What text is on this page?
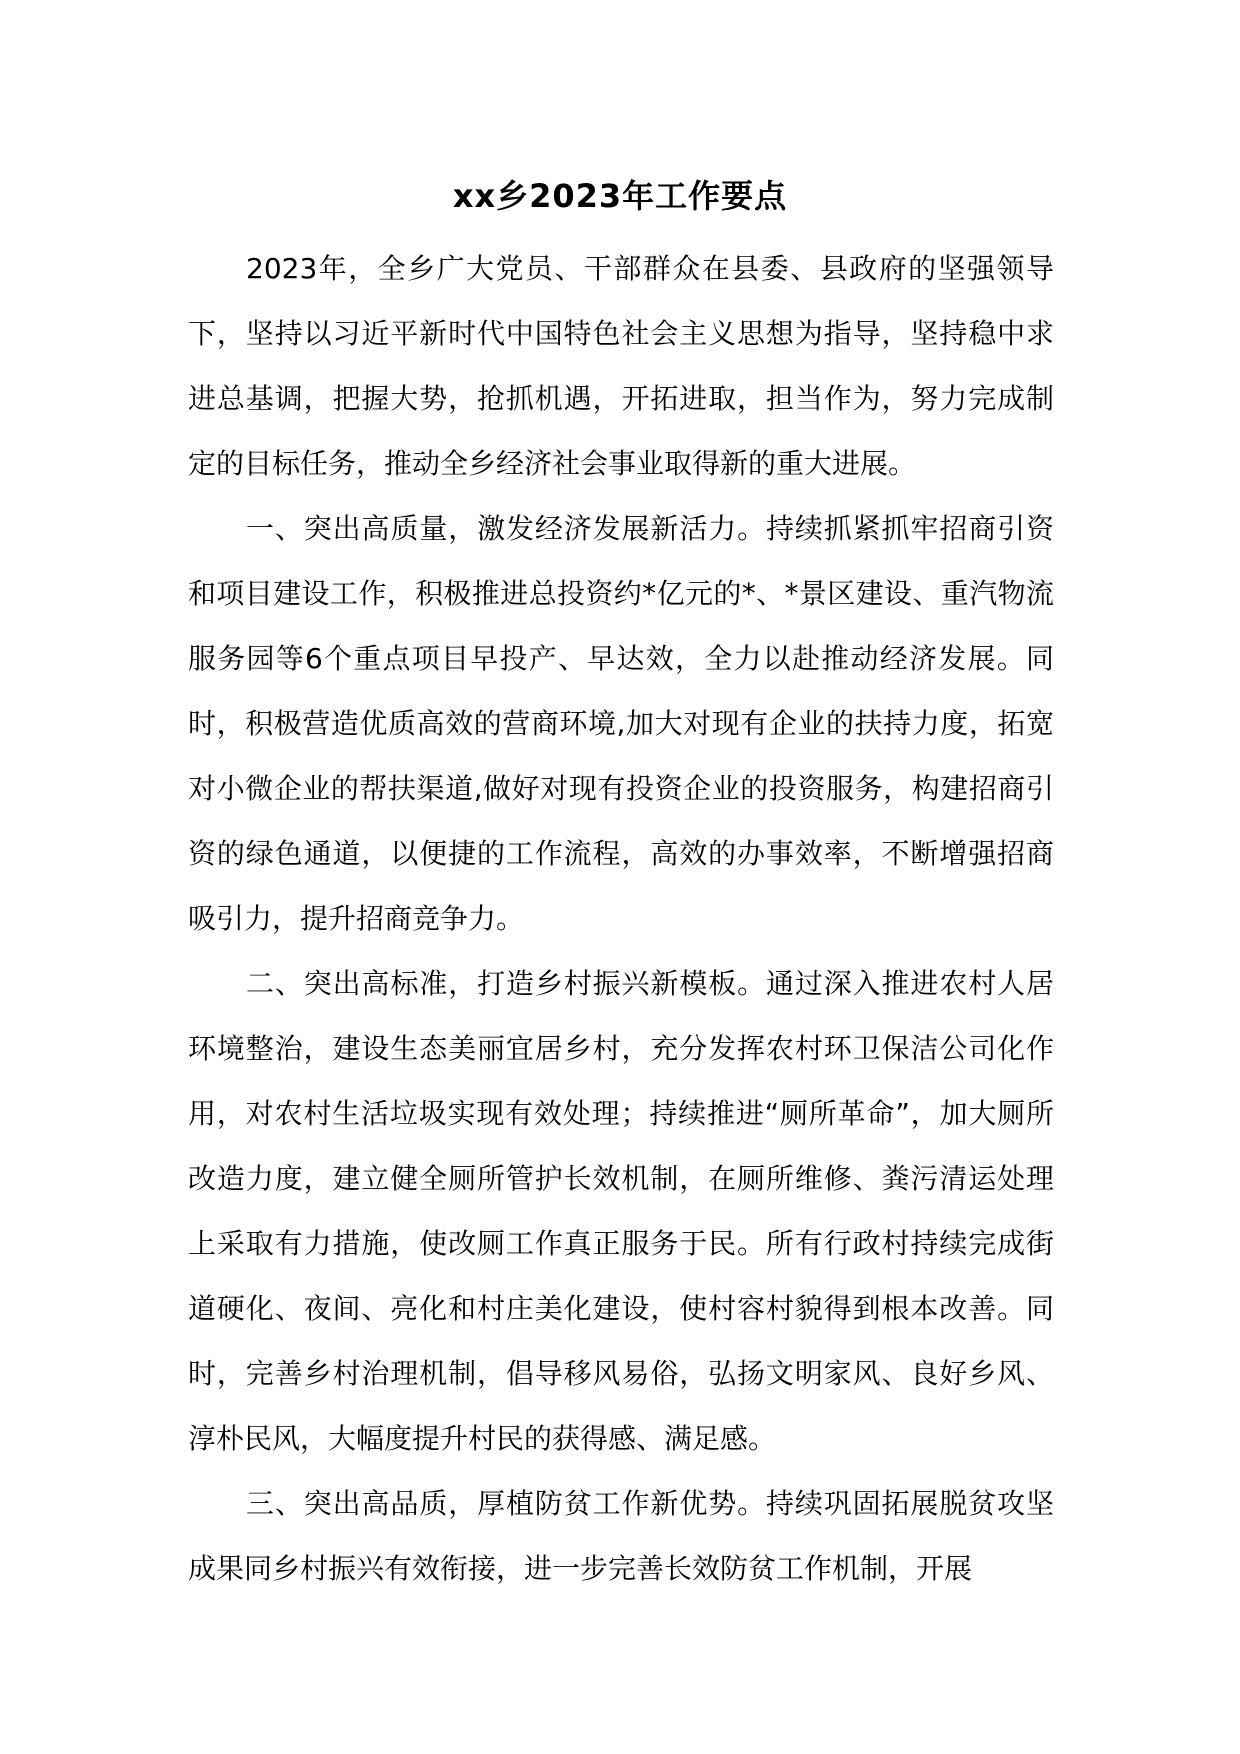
xx乡2023年工作要点

2023年，全乡广大党员、干部群众在县委、县政府的坚强领导下，坚持以习近平新时代中国特色社会主义思想为指导，坚持稳中求进总基调，把握大势，抢抓机遇，开拓进取，担当作为，努力完成制定的目标任务，推动全乡经济社会事业取得新的重大进展。

一、突出高质量，激发经济发展新活力。持续抓紧抓牢招商引资和项目建设工作，积极推进总投资约*亿元的*、*景区建设、重汽物流服务园等6个重点项目早投产、早达效，全力以赴推动经济发展。同时，积极营造优质高效的营商环境,加大对现有企业的扶持力度，拓宽对小微企业的帮扶渠道,做好对现有投资企业的投资服务，构建招商引资的绿色通道，以便捷的工作流程，高效的办事效率，不断增强招商吸引力，提升招商竞争力。

二、突出高标准，打造乡村振兴新模板。通过深入推进农村人居环境整治，建设生态美丽宜居乡村，充分发挥农村环卫保洁公司化作用，对农村生活垃圾实现有效处理；持续推进“厕所革命”，加大厕所改造力度，建立健全厕所管护长效机制，在厕所维修、粪污清运处理上采取有力措施，使改厕工作真正服务于民。所有行政村持续完成街道硬化、夜间、亮化和村庄美化建设，使村容村貌得到根本改善。同时，完善乡村治理机制，倡导移风易俗，弘扬文明家风、良好乡风、淳朴民风，大幅度提升村民的获得感、满足感。

三、突出高品质，厚植防贫工作新优势。持续巩固拓展脱贫攻坚成果同乡村振兴有效衔接，进一步完善长效防贫工作机制，开展
